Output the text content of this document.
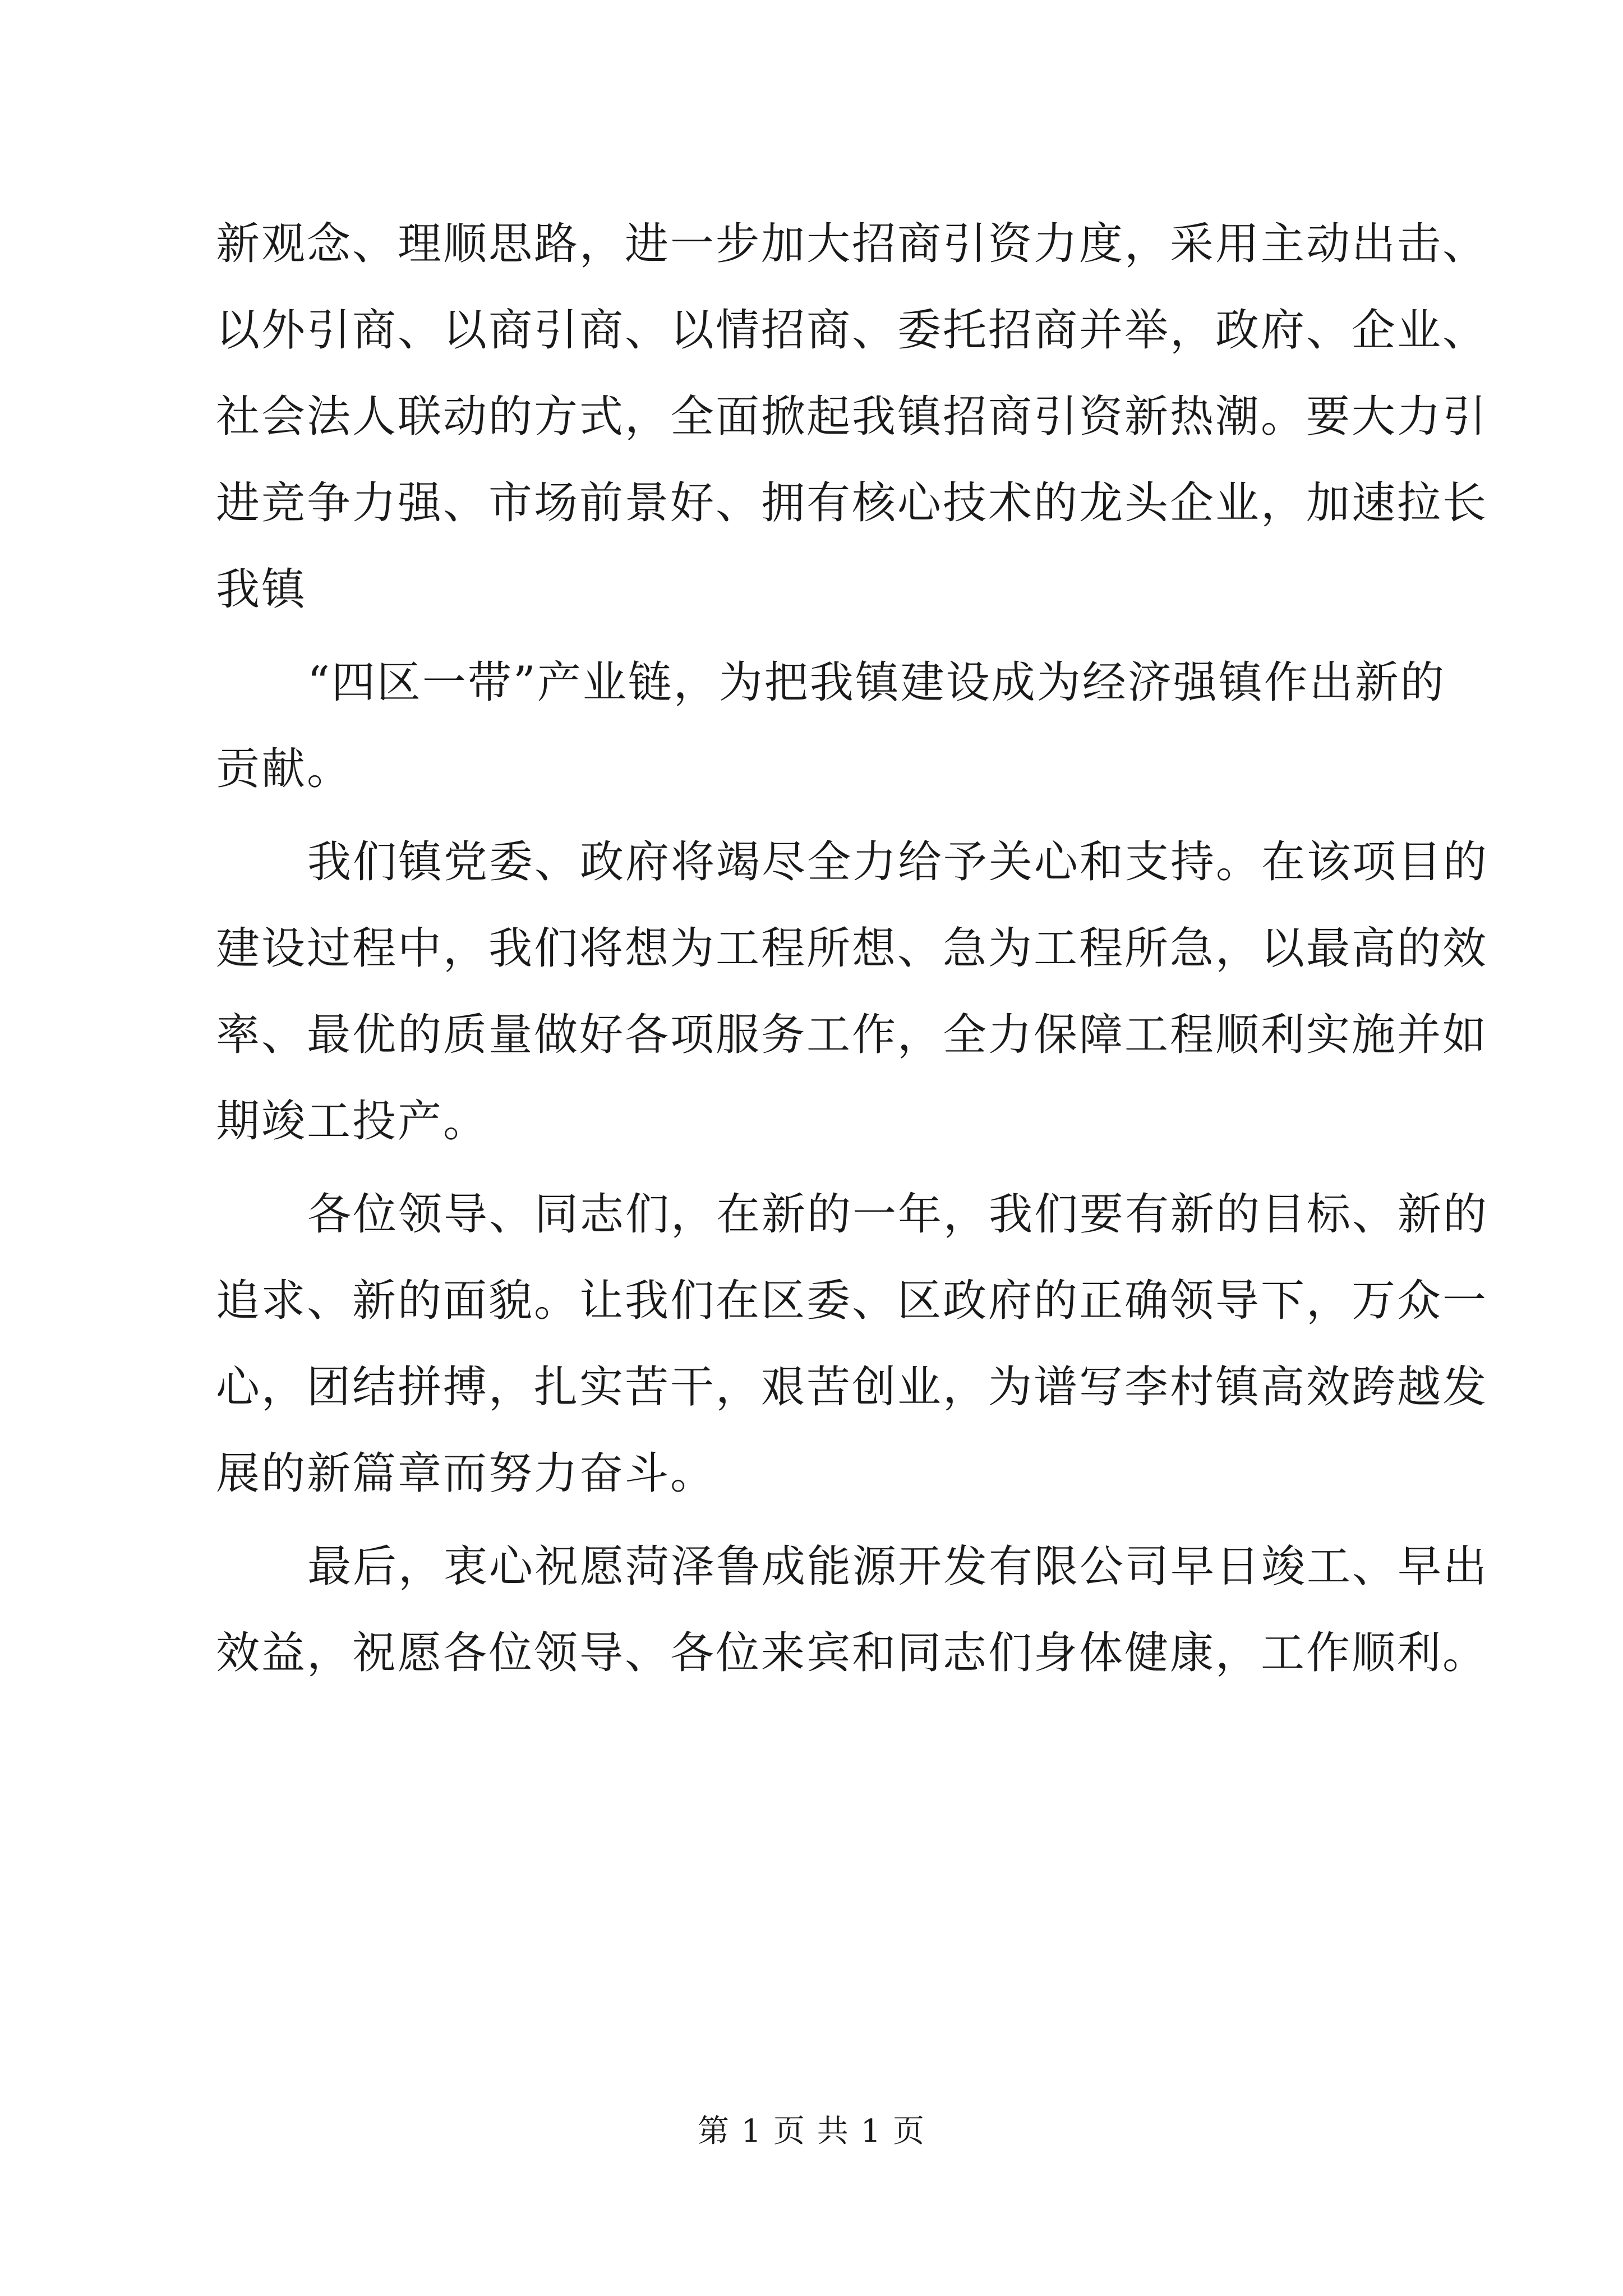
新观念、理顺思路，进一步加大招商引资力度，采用主动出击、
以外引商、以商引商、以情招商、委托招商并举，政府、企业、
社会法人联动的方式，全面掀起我镇招商引资新热潮。要大力引
进竞争力强、市场前景好、拥有核心技术的龙头企业，加速拉长
我镇
“四区一带”产业链，为把我镇建设成为经济强镇作出新的
贡献。
我们镇党委、政府将竭尽全力给予关心和支持。在该项目的
建设过程中，我们将想为工程所想、急为工程所急，以最高的效
率、最优的质量做好各项服务工作，全力保障工程顺利实施并如
期竣工投产。
各位领导、同志们，在新的一年，我们要有新的目标、新的
追求、新的面貌。让我们在区委、区政府的正确领导下，万众一
心，团结拼搏，扎实苦干，艰苦创业，为谱写李村镇高效跨越发
展的新篇章而努力奋斗。
最后，衷心祝愿菏泽鲁成能源开发有限公司早日竣工、早出
效益，祝愿各位领导、各位来宾和同志们身体健康，工作顺利。
第 1 页 共 1 页
